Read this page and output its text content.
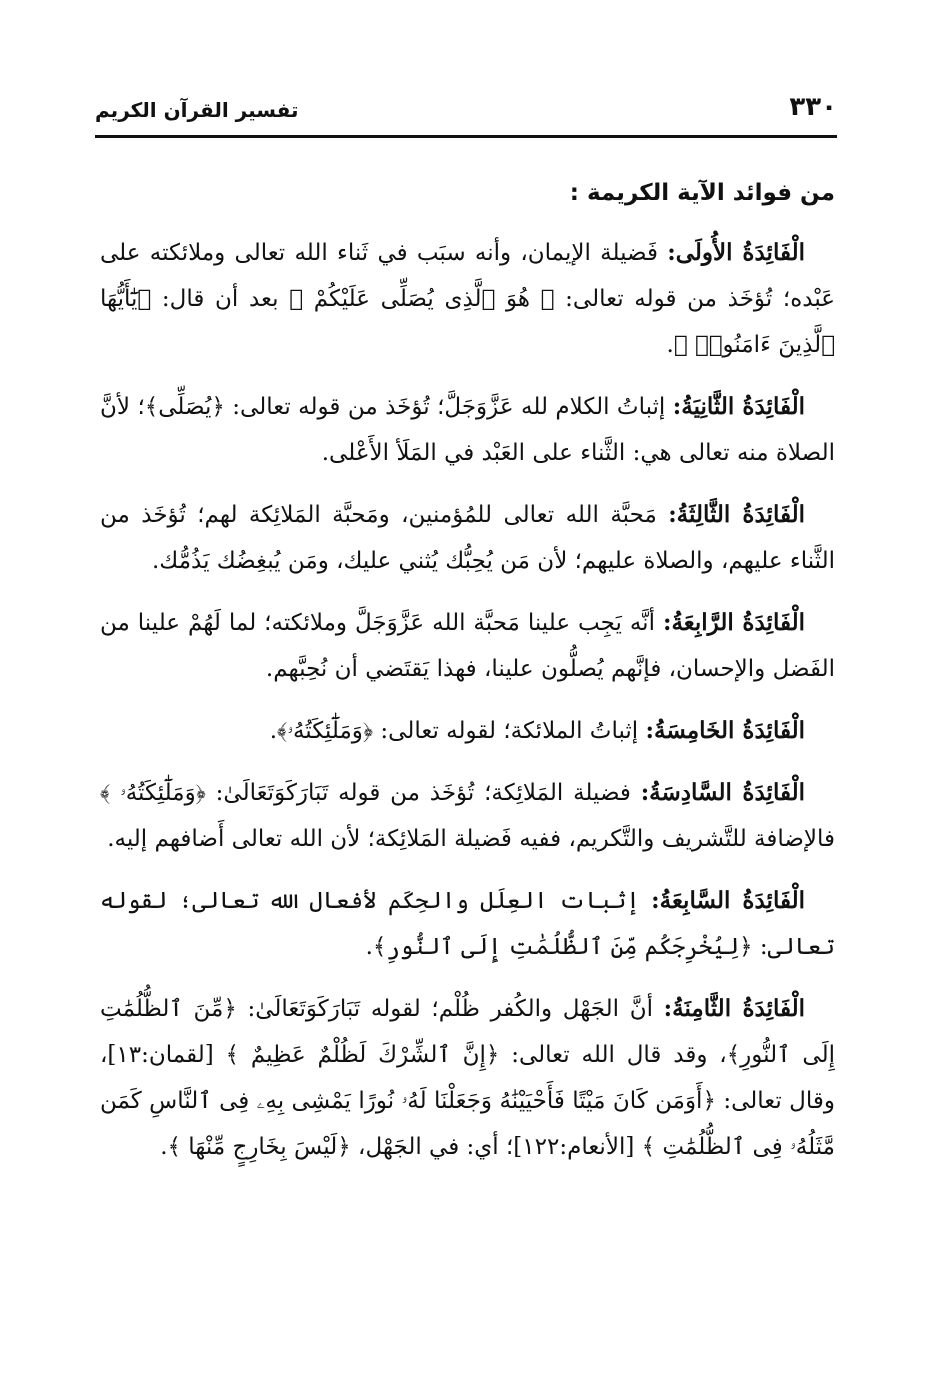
٣٣٠
تفسير القرآن الكريم
من فوائد الآية الكريمة :

الْفَائِدَةُ الأُولَى: فَضيلة الإيمان، وأنه سبَب في ثَناء الله تعالى وملائكته على عَبْده؛ تُؤخَذ من قوله تعالى: ﴿ هُوَ ٱلَّذِى يُصَلِّى عَلَيْكُمْ ﴾ بعد أن قال: ﴿يَٰٓأَيُّهَا ٱلَّذِينَ ءَامَنُوا۟ ﴾.

الْفَائِدَةُ الثَّانِيَةُ: إثباتُ الكلام لله عَزَّوَجَلَّ؛ تُؤخَذ من قوله تعالى: ﴿يُصَلِّى﴾؛ لأنَّ الصلاة منه تعالى هي: الثَّناء على العَبْد في المَلَأ الأَعْلى.

الْفَائِدَةُ الثَّالِثَةُ: مَحبَّة الله تعالى للمُؤمنين، ومَحبَّة المَلائِكة لهم؛ تُؤخَذ من الثَّناء عليهم، والصلاة عليهم؛ لأن مَن يُحِبُّك يُثني عليك، ومَن يُبغِضُك يَذُمُّك.

الْفَائِدَةُ الرَّابِعَةُ: أنَّه يَجِب علينا مَحبَّة الله عَزَّوَجَلَّ وملائكته؛ لما لَهُمْ علينا من الفَضل والإحسان، فإنَّهم يُصلُّون علينا، فهذا يَقتَضي أن نُحِبَّهم.

الْفَائِدَةُ الخَامِسَةُ: إثباتُ الملائكة؛ لقوله تعالى: ﴿وَمَلَٰٓئِكَتُهُۥ﴾.

الْفَائِدَةُ السَّادِسَةُ: فضيلة المَلائِكة؛ تُؤخَذ من قوله تَبَارَكَوَتَعَالَىٰ: ﴿وَمَلَٰٓئِكَتُهُۥ ﴾ فالإضافة للتَّشريف والتَّكريم، ففيه فَضيلة المَلائِكة؛ لأن الله تعالى أَضافهم إليه.

الْفَائِدَةُ السَّابِعَةُ: إثبات العِلَل والحِكَم لأفعال الله تعالى؛ لقوله تعالى: ﴿لِيُخْرِجَكُم مِّنَ ٱلظُّلُمَٰتِ إِلَى ٱلنُّورِ﴾.

الْفَائِدَةُ الثَّامِنَةُ: أنَّ الجَهْل والكُفر ظُلْم؛ لقوله تَبَارَكَوَتَعَالَىٰ: ﴿مِّنَ ٱلظُّلُمَٰتِ إِلَى ٱلنُّورِ﴾، وقد قال الله تعالى: ﴿إِنَّ ٱلشِّرْكَ لَظُلْمٌ عَظِيمٌ ﴾ [لقمان:١٣]، وقال تعالى: ﴿أَوَمَن كَانَ مَيْتًا فَأَحْيَيْنَٰهُ وَجَعَلْنَا لَهُۥ نُورًا يَمْشِى بِهِۦ فِى ٱلنَّاسِ كَمَن مَّثَلُهُۥ فِى ٱلظُّلُمَٰتِ ﴾ [الأنعام:١٢٢]؛ أي: في الجَهْل، ﴿لَيْسَ بِخَارِجٍ مِّنْهَا ﴾.
